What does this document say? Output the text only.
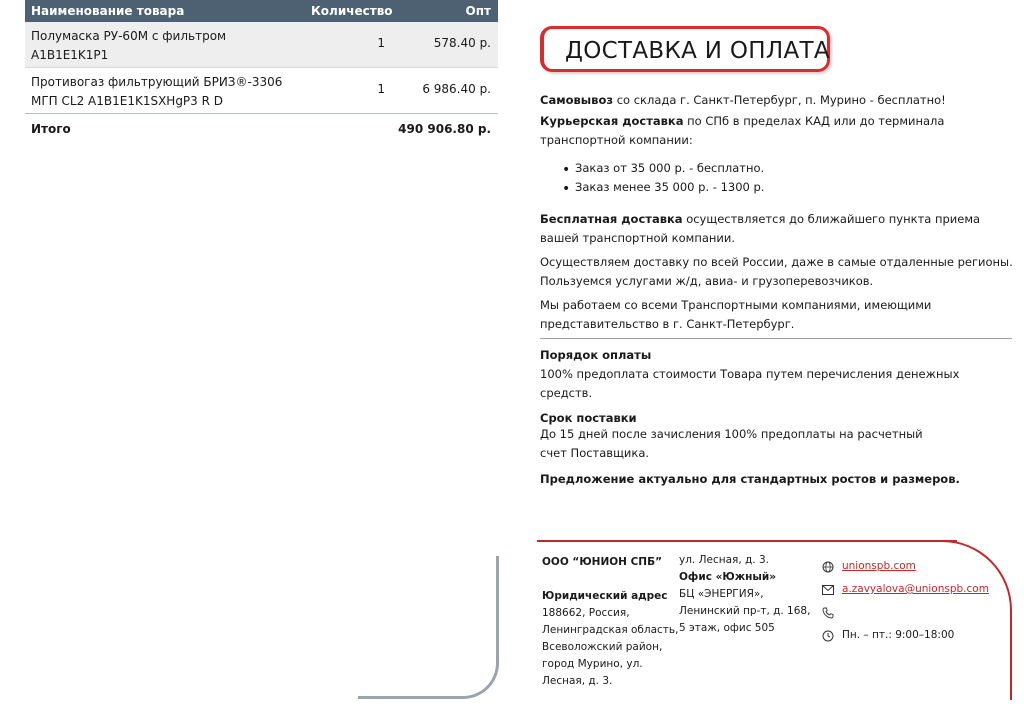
Наименование товара	Количество	Опт
Полумаска РУ-60М с фильтром
A1B1E1K1P1
1	578.40 р.
Противогаз фильтрующий БРИЗ®-3306
МГП CL2 A1B1E1K1SXHgP3 R D
1	6 986.40 р.
Итого	490 906.80 р.
ДОСТАВКА И ОПЛАТА

Самовывоз со склада г. Санкт-Петербург, п. Мурино - бесплатно!

Курьерская доставка по СПб в пределах КАД или до терминала транспортной компании:

• Заказ от 35 000 р. - бесплатно.
• Заказ менее 35 000 р. - 1300 р.

Бесплатная доставка осуществляется до ближайшего пункта приема вашей транспортной компании.

Осуществляем доставку по всей России, даже в самые отдаленные регионы. Пользуемся услугами ж/д, авиа- и грузоперевозчиков.

Мы работаем со всеми Транспортными компаниями, имеющими представительство в г. Санкт-Петербург.

Порядок оплаты

100% предоплата стоимости Товара путем перечисления денежных средств.

Срок поставки

До 15 дней после зачисления 100% предоплаты на расчетный

счет Поставщика.

Предложение актуально для стандартных ростов и размеров.

ООО “ЮНИОН СПБ”
Юридический адрес
188662, Россия,
Ленинградская область,
Всеволожский район,
город Мурино, ул.
Лесная, д. 3.
ул. Лесная, д. 3.
Офис «Южный»
БЦ «ЭНЕРГИЯ»,
Ленинский пр-т, д. 168,
5 этаж, офис 505
unionspb.com
a.zavyalova@unionspb.com
Пн. – пт.: 9:00–18:00
